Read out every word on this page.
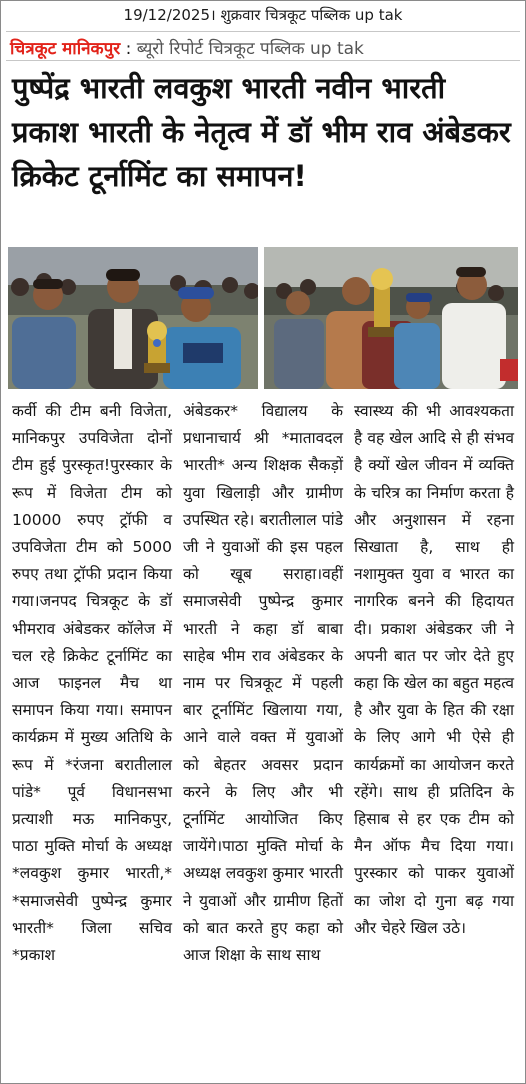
19/12/2025। शुक्रवार चित्रकूट पब्लिक up tak
चित्रकूट मानिकपुर : ब्यूरो रिपोर्ट चित्रकूट पब्लिक up tak
पुष्पेंद्र भारती लवकुश भारती नवीन भारती प्रकाश भारती के नेतृत्व में डॉ भीम राव अंबेडकर क्रिकेट टूर्नामिंट का समापन!
कर्वी की टीम बनी विजेता, मानिकपुर उपविजेता दोनों टीम हुई पुरस्कृत!पुरस्कार के रूप में विजेता टीम को 10000 रुपए ट्रॉफी व उपविजेता टीम को 5000 रुपए तथा ट्रॉफी प्रदान किया गया।जनपद चित्रकूट के डॉ भीमराव अंबेडकर कॉलेज में चल रहे क्रिकेट टूर्नामिंट का आज फाइनल मैच था समापन किया गया। समापन कार्यक्रम में मुख्य अतिथि के रूप में *रंजना बरातीलाल पांडे* पूर्व विधानसभा प्रत्याशी मऊ मानिकपुर, पाठा मुक्ति मोर्चा के अध्यक्ष *लवकुश कुमार भारती,* *समाजसेवी पुष्पेन्द्र कुमार भारती* जिला सचिव *प्रकाश
अंबेडकर* विद्यालय के प्रधानाचार्य श्री *मातावदल भारती* अन्य शिक्षक सैकड़ों युवा खिलाड़ी और ग्रामीण उपस्थित रहे। बरातीलाल पांडे जी ने युवाओं की इस पहल को खूब सराहा।वहीं समाजसेवी पुष्पेन्द्र कुमार भारती ने कहा डॉ बाबा साहेब भीम राव अंबेडकर के नाम पर चित्रकूट में पहली बार टूर्नामिंट खिलाया गया, आने वाले वक्त में युवाओं को बेहतर अवसर प्रदान करने के लिए और भी टूर्नामिंट आयोजित किए जायेंगे।पाठा मुक्ति मोर्चा के अध्यक्ष लवकुश कुमार भारती ने युवाओं और ग्रामीण हितों को बात करते हुए कहा को आज शिक्षा के साथ साथ
स्वास्थ्य की भी आवश्यकता है वह खेल आदि से ही संभव है क्यों खेल जीवन में व्यक्ति के चरित्र का निर्माण करता है और अनुशासन में रहना सिखाता है, साथ ही नशामुक्त युवा व भारत का नागरिक बनने की हिदायत दी। प्रकाश अंबेडकर जी ने अपनी बात पर जोर देते हुए कहा कि खेल का बहुत महत्व है और युवा के हित की रक्षा के लिए आगे भी ऐसे ही कार्यक्रमों का आयोजन करते रहेंगे। साथ ही प्रतिदिन के हिसाब से हर एक टीम को मैन ऑफ मैच दिया गया। पुरस्कार को पाकर युवाओं का जोश दो गुना बढ़ गया और चेहरे खिल उठे।
